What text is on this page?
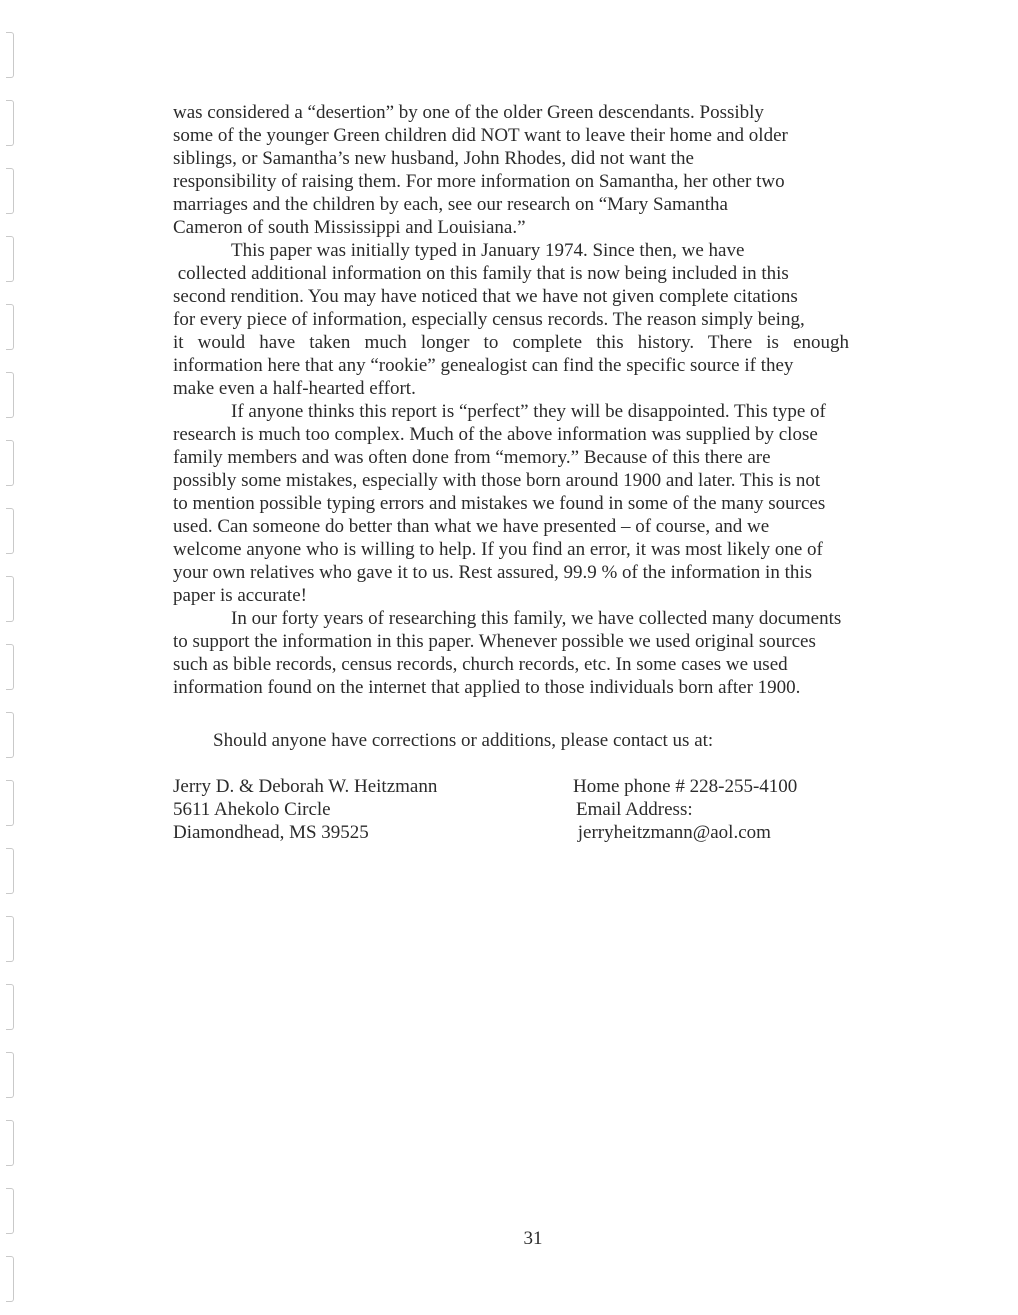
was considered a “desertion” by one of the older Green descendants. Possibly
some of the younger Green children did NOT want to leave their home and older
siblings, or Samantha’s new husband, John Rhodes, did not want the
responsibility of raising them. For more information on Samantha, her other two
marriages and the children by each, see our research on “Mary Samantha
Cameron of south Mississippi and Louisiana.”
This paper was initially typed in January 1974. Since then, we have
collected additional information on this family that is now being included in this
second rendition. You may have noticed that we have not given complete citations
for every piece of information, especially census records. The reason simply being,
it would have taken much longer to complete this history. There is enough
information here that any “rookie” genealogist can find the specific source if they
make even a half-hearted effort.
If anyone thinks this report is “perfect” they will be disappointed. This type of
research is much too complex. Much of the above information was supplied by close
family members and was often done from “memory.” Because of this there are
possibly some mistakes, especially with those born around 1900 and later. This is not
to mention possible typing errors and mistakes we found in some of the many sources
used. Can someone do better than what we have presented – of course, and we
welcome anyone who is willing to help. If you find an error, it was most likely one of
your own relatives who gave it to us. Rest assured, 99.9 % of the information in this
paper is accurate!
In our forty years of researching this family, we have collected many documents
to support the information in this paper. Whenever possible we used original sources
such as bible records, census records, church records, etc. In some cases we used
information found on the internet that applied to those individuals born after 1900.
Should anyone have corrections or additions, please contact us at:
Jerry D. & Deborah W. Heitzmann
5611 Ahekolo Circle
Diamondhead, MS 39525
Home phone # 228-255-4100
Email Address:
jerryheitzmann@aol.com
31
